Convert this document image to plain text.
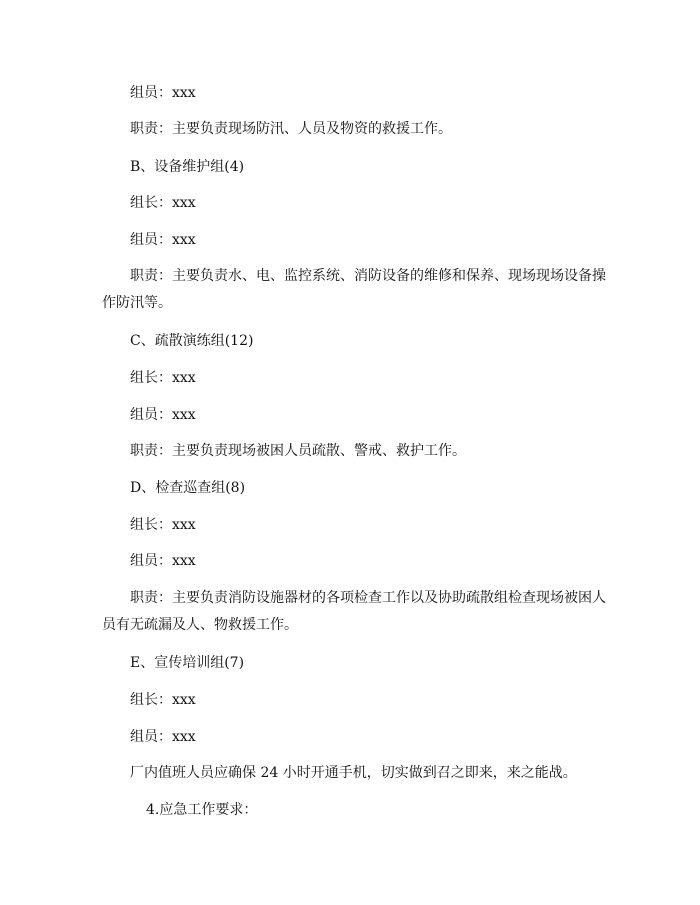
组员：xxx
职责：主要负责现场防汛、人员及物资的救援工作。
B、设备维护组(4)
组长：xxx
组员：xxx
职责：主要负责水、电、监控系统、消防设备的维修和保养、现场现场设备操
作防汛等。
C、疏散演练组(12)
组长：xxx
组员：xxx
职责：主要负责现场被困人员疏散、警戒、救护工作。
D、检查巡查组(8)
组长：xxx
组员：xxx
职责：主要负责消防设施器材的各项检查工作以及协助疏散组检查现场被困人
员有无疏漏及人、物救援工作。
E、宣传培训组(7)
组长：xxx
组员：xxx
厂内值班人员应确保 24 小时开通手机，切实做到召之即来，来之能战。
4.应急工作要求：
